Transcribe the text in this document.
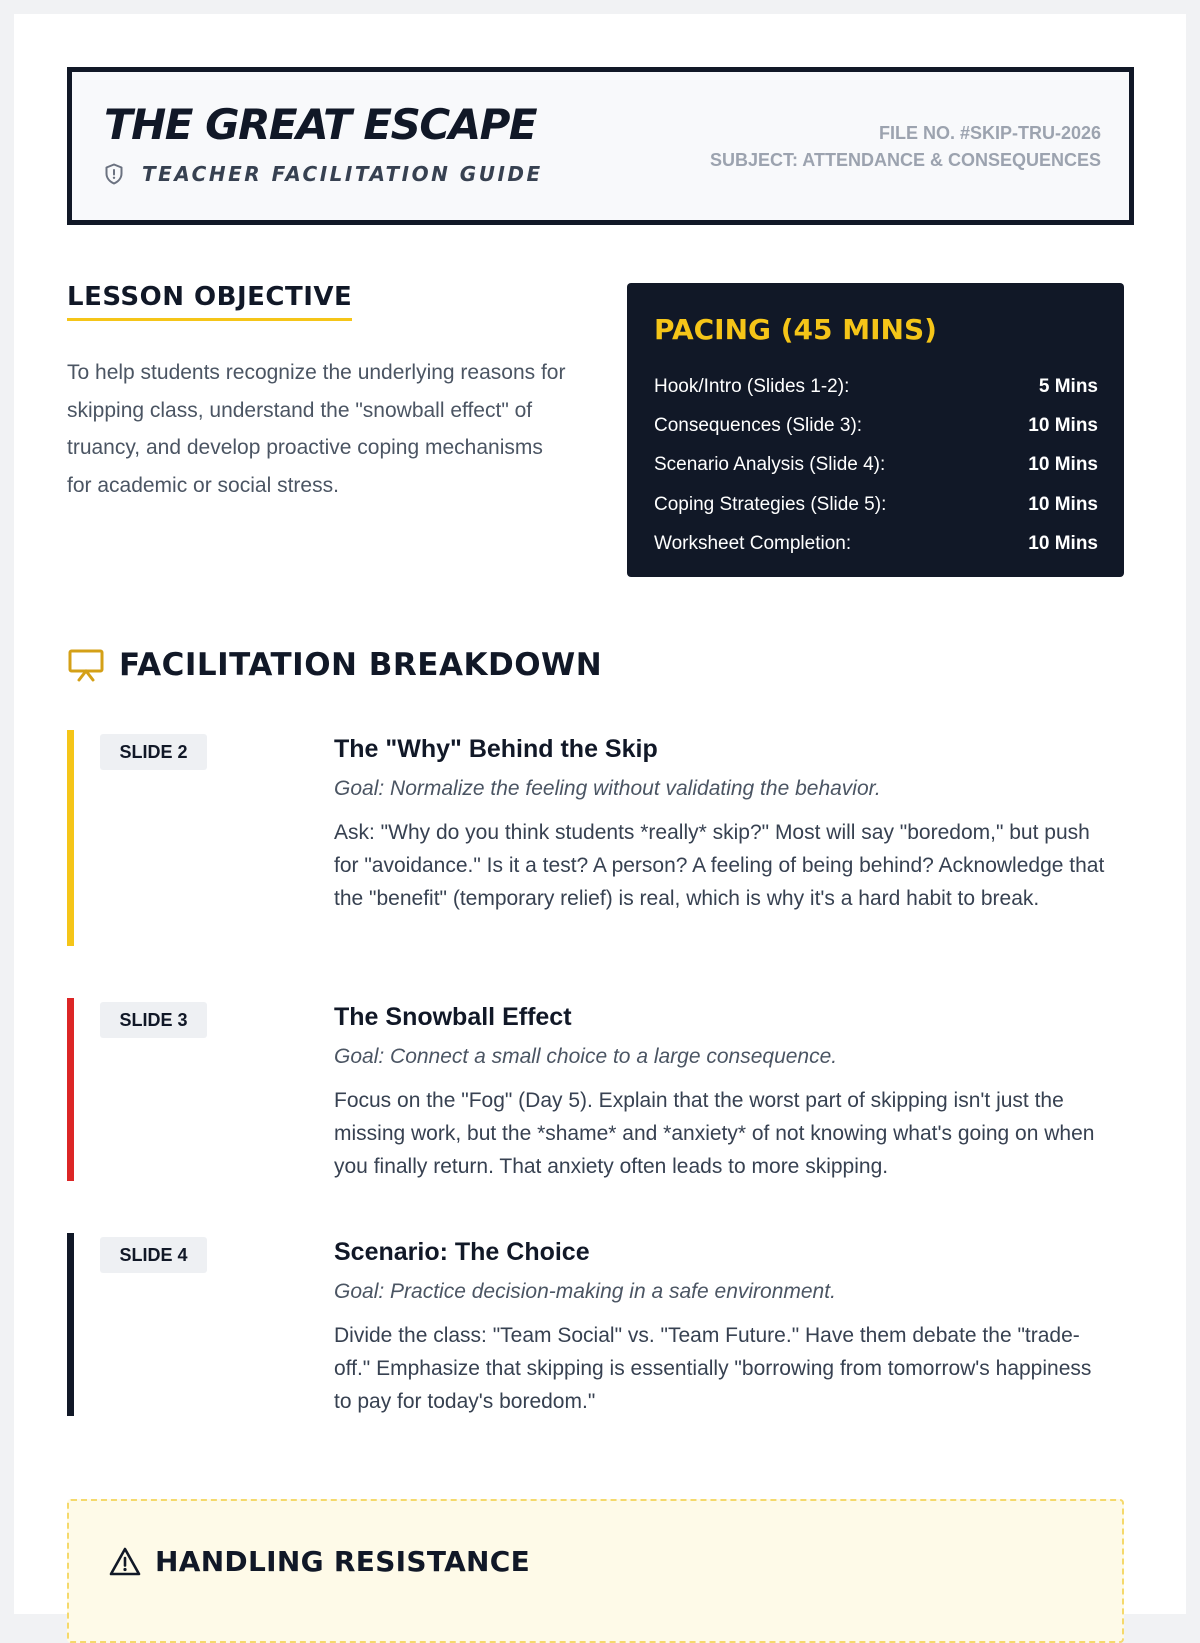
THE GREAT ESCAPE
TEACHER FACILITATION GUIDE
FILE NO. #SKIP-TRU-2026
SUBJECT: ATTENDANCE & CONSEQUENCES
LESSON OBJECTIVE

To help students recognize the underlying reasons for skipping class, understand the "snowball effect" of truancy, and develop proactive coping mechanisms for academic or social stress.

PACING (45 MINS)
Hook/Intro (Slides 1-2):	5 Mins
Consequences (Slide 3):	10 Mins
Scenario Analysis (Slide 4):	10 Mins
Coping Strategies (Slide 5):	10 Mins
Worksheet Completion:	10 Mins
FACILITATION BREAKDOWN
SLIDE 2	The "Why" Behind the Skip

Goal: Normalize the feeling without validating the behavior.

Ask: "Why do you think students *really* skip?" Most will say "boredom," but push for "avoidance." Is it a test? A person? A feeling of being behind? Acknowledge that the "benefit" (temporary relief) is real, which is why it's a hard habit to break.

SLIDE 3	The Snowball Effect

Goal: Connect a small choice to a large consequence.

Focus on the "Fog" (Day 5). Explain that the worst part of skipping isn't just the missing work, but the *shame* and *anxiety* of not knowing what's going on when you finally return. That anxiety often leads to more skipping.

SLIDE 4	Scenario: The Choice

Goal: Practice decision-making in a safe environment.

Divide the class: "Team Social" vs. "Team Future." Have them debate the "trade-off." Emphasize that skipping is essentially "borrowing from tomorrow's happiness to pay for today's boredom."

HANDLING RESISTANCE
